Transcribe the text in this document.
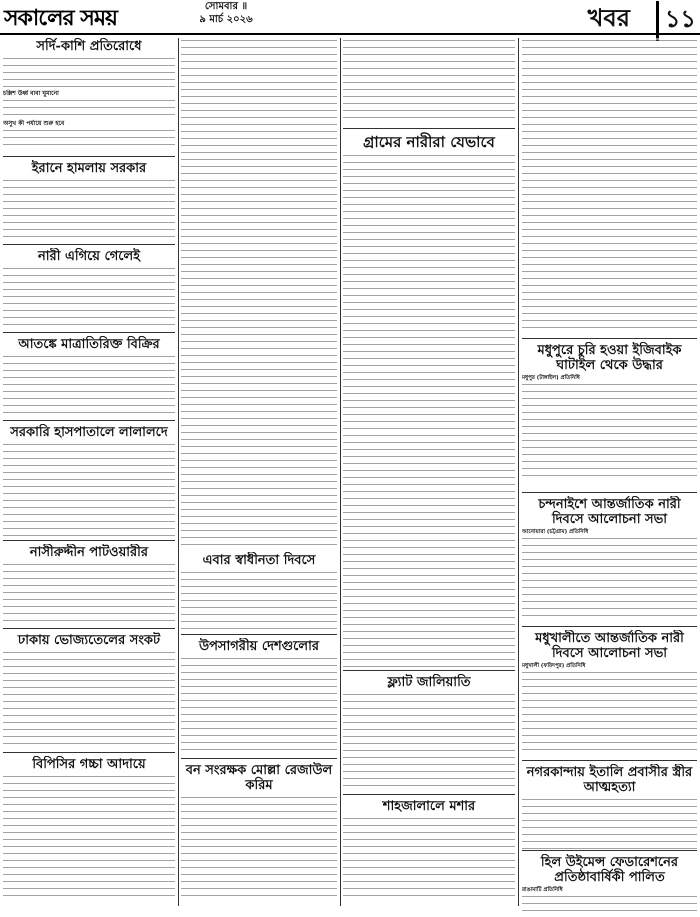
সকালের সময়	সোমবার ॥
৯ মার্চ ২০২৬	খবর	১১
সর্দি-কাশি প্রতিরোধে
চল্লিশ উর্ধ্ব বাবা ঘুমানো
অসুখ কী পর্যায়ে শুরু হবে
ইরানে হামলায় সরকার
নারী এগিয়ে গেলেই
আতঙ্কে মাত্রাতিরিক্ত বিক্রির
সরকারি হাসপাতালে লালালদে
নাসীরুদ্দীন পাটওয়ারীর
ঢাকায় ভোজ্যতেলের সংকট
বিপিসির গচ্চা আদায়ে
এবার স্বাধীনতা দিবসে
উপসাগরীয় দেশগুলোর
বন সংরক্ষক মোল্লা রেজাউল করিম
গ্রামের নারীরা যেভাবে
ফ্ল্যাট জালিয়াতি
শাহজালালে মশার
মধুপুরে চুরি হওয়া ইজিবাইক ঘাটাইল থেকে উদ্ধার
মধুপুর (টাঙ্গাইল) প্রতিনিধি
চন্দনাইশে আন্তর্জাতিক নারী দিবসে আলোচনা সভা
আনোয়ারা (চট্টগ্রাম) প্রতিনিধি
মধুখালীতে আন্তর্জাতিক নারী দিবসে আলোচনা সভা
মধুখালী (ফরিদপুর) প্রতিনিধি
নগরকান্দায় ইতালি প্রবাসীর স্ত্রীর আত্মহত্যা
হিল উইমেন্স ফেডারেশনের প্রতিষ্ঠাবার্ষিকী পালিত
রাঙামাটি প্রতিনিধি
